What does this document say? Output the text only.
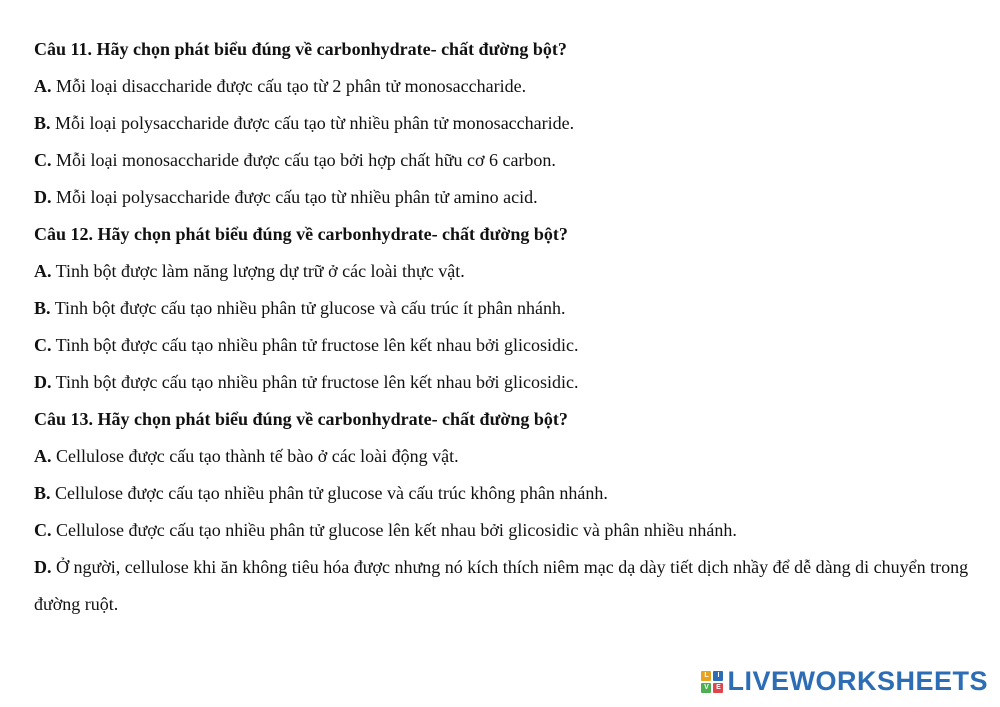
Câu 11. Hãy chọn phát biểu đúng về carbonhydrate- chất đường bột?
A. Mỗi loại disaccharide được cấu tạo từ 2 phân tử monosaccharide.
B. Mỗi loại polysaccharide được cấu tạo từ nhiều phân tử monosaccharide.
C. Mỗi loại monosaccharide được cấu tạo bởi hợp chất hữu cơ 6 carbon.
D. Mỗi loại polysaccharide được cấu tạo từ nhiều phân tử amino acid.
Câu 12. Hãy chọn phát biểu đúng về carbonhydrate- chất đường bột?
A. Tinh bột được làm năng lượng dự trữ ở các loài thực vật.
B. Tinh bột được cấu tạo nhiều phân tử glucose và cấu trúc ít phân nhánh.
C. Tinh bột được cấu tạo nhiều phân tử fructose lên kết nhau bởi glicosidic.
D. Tinh bột được cấu tạo nhiều phân tử fructose lên kết nhau bởi glicosidic.
Câu 13. Hãy chọn phát biểu đúng về carbonhydrate- chất đường bột?
A. Cellulose được cấu tạo thành tế bào ở các loài động vật.
B. Cellulose được cấu tạo nhiều phân tử glucose và cấu trúc không phân nhánh.
C. Cellulose được cấu tạo nhiều phân tử glucose lên kết nhau bởi glicosidic và phân nhiều nhánh.
D. Ở người, cellulose khi ăn không tiêu hóa được nhưng nó kích thích niêm mạc dạ dày tiết dịch nhầy để dễ dàng di chuyển trong đường ruột.
L	I
V	E LIVEWORKSHEETS
